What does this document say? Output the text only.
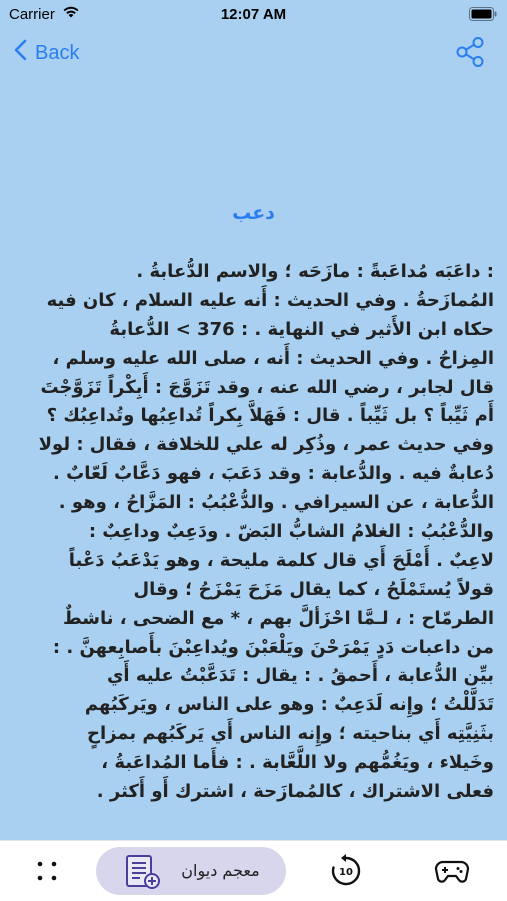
Carrier	12:07 AM
Back
دعب
: داعَبَه مُداعَبةً : مازَحَه ؛ والاسم الدُّعابةُ .
المُمازَحةُ . وفي الحديث : أَنه عليه السلام ، كان فيه
حكاه ابن الأَثير في النهاية . : 376 > الدُّعابةُ
المِزاحُ . وفي الحديث : أَنه ، صلى الله عليه وسلم ،
قال لجابر ، رضي الله عنه ، وقد تَزَوَّجَ : أَبِكْراً تَزَوَّجْتَ
أَم ثَيِّباً ؟ بل ثَيِّباً . قال : فَهَلاَّ بِكراً تُداعِبُها وتُداعِبُك ؟
وفي حديث عمر ، وذُكِر له علي للخلافة ، فقال : لولا
دُعابةٌ فيه . والدُّعابة : وقد دَعَبَ ، فهو دَعَّابٌ لَعّابٌ .
الدُّعابة ، عن السيرافي . والدُّعْبُبُ : المَزَّاحُ ، وهو .
والدُّعْبُبُ : الغلامُ الشابُّ البَضّ . ودَعِبٌ وداعِبٌ :
لاعِبٌ . أَمْلَحَ أَي قال كلمة مليحة ، وهو يَدْعَبُ دَعْباً
قولاً يُستَمْلَحُ ، كما يقال مَزَحَ يَمْزَحُ ؛ وقال
الطرمّاح : ، لـمَّا احْزَألَّ بهم ، * مع الضحى ، ناشطٌ
من داعبات دَدٍ يَمْرَحْنَ ويَلْعَبْنَ ويُداعِبْنَ بأَصابِعهنَّ . :
بيِّن الدُّعابة ، أَحمقُ . : يقال : تَدَعَّبْتُ عليه أَي
تَدَلَّلْتُ ؛ وإِنه لَدَعِبٌ : وهو على الناس ، ويَركَبُهم
بثَنِيَّتِه أَي بناحيته ؛ وإِنه الناس أَي يَركَبُهم بمزاحٍ
وخَيلاء ، ويَغُمُّهم ولا اللَّعَّابة . : فأَما المُداعَبةُ ،
فعلى الاشتراك ، كالمُمازَحة ، اشترك أَو أَكثر .
معجم ديوان	10
